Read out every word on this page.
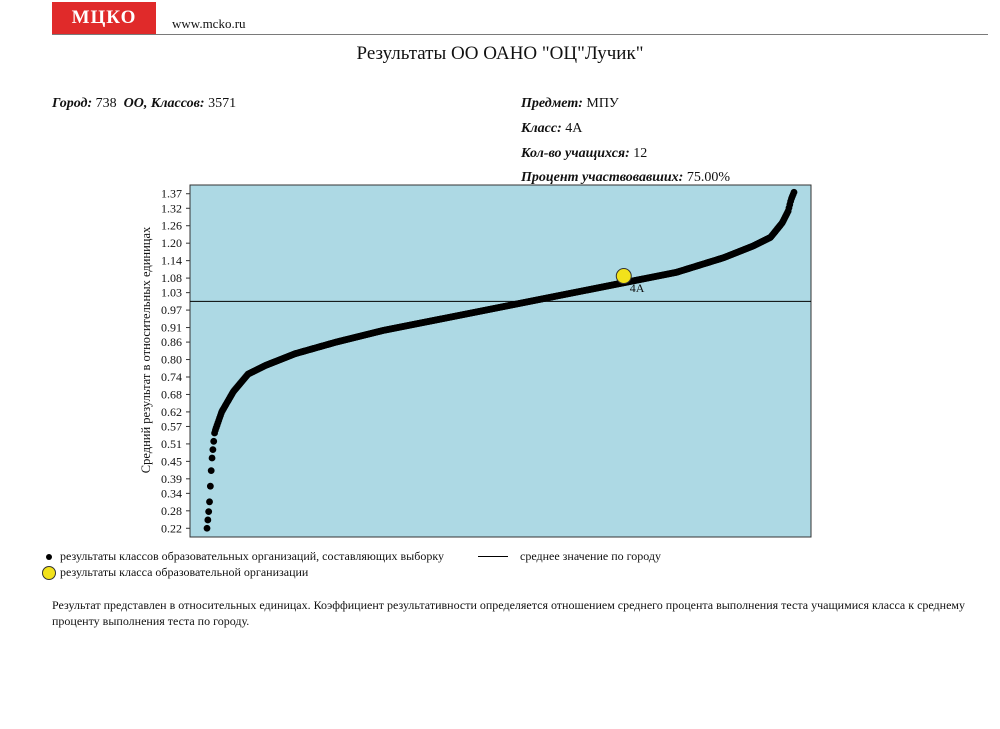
МЦКО	www.mcko.ru
Результаты ОО ОАНО "ОЦ"Лучик"
Город: 738 ОО, Классов: 3571	Предмет: МПУ
Класс: 4А
Кол-во учащихся: 12
Процент участвовавших: 75.00%
1.37
1.32
1.26
1.20
1.14
1.08
1.03
0.97
0.91
0.86
0.80
0.74
0.68
0.62
0.57
0.51
0.45
0.39
0.34
0.28
0.22
Средний результат в относительных единицах	4А
результаты классов образовательных организаций, составляющих выборку	среднее значение по городу
результаты класса образовательной организации
Результат представлен в относительных единицах. Коэффициент результативности определяется отношением среднего процента выполнения теста учащимися класса к среднему проценту выполнения теста по городу.
